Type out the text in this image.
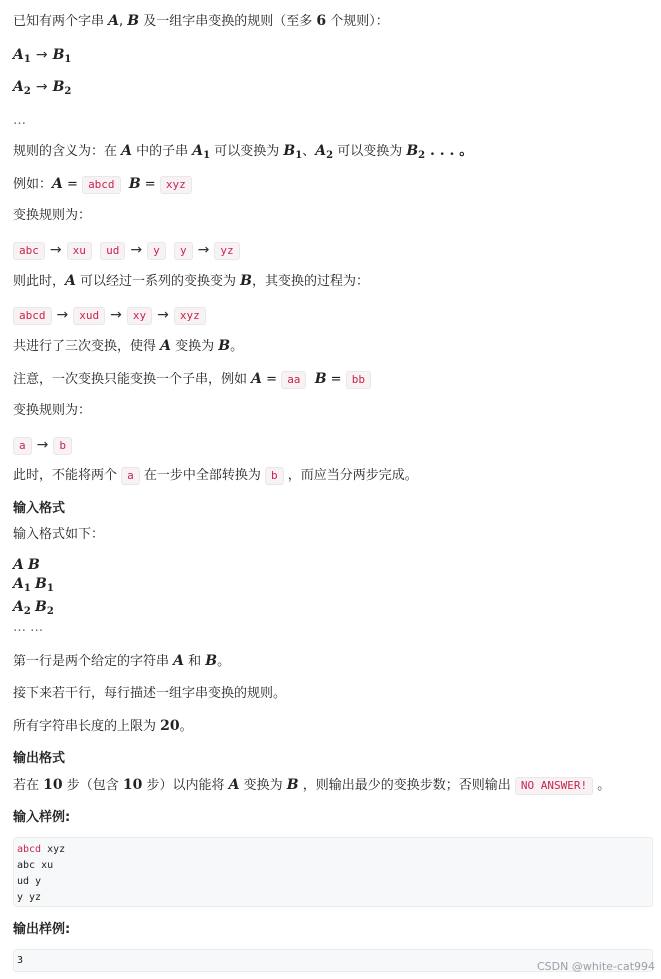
已知有两个字串 A, B 及一组字串变换的规则（至多 6 个规则）：
$A_1 \to B_1$
$A_2 \to B_2$
…
规则的含义为：在 A 中的子串 $A_1$ 可以变换为 $B_1$、$A_2$ 可以变换为 $B_2$ . . . 。
例如：A = abcd B = xyz
变换规则为：
abc → xu ud → y y → yz
则此时，A 可以经过一系列的变换变为 B，其变换的过程为：
abcd → xud → xy → xyz
共进行了三次变换，使得 A 变换为 B。
注意，一次变换只能变换一个子串，例如 A = aa B = bb
变换规则为：
a → b
此时，不能将两个 a 在一步中全部转换为 b ，而应当分两步完成。
输入格式
输入格式如下：
A B
$A_1$ $B_1$
$A_2$ $B_2$
… …
第一行是两个给定的字符串 A 和 B。
接下来若干行，每行描述一组字串变换的规则。
所有字符串长度的上限为 20。
输出格式
若在 10 步（包含 10 步）以内能将 A 变换为 B ，则输出最少的变换步数；否则输出 NO ANSWER! 。
输入样例:
abcd xyz
abc xu
ud y
y yz
输出样例:
3	CSDN @white-cat994
